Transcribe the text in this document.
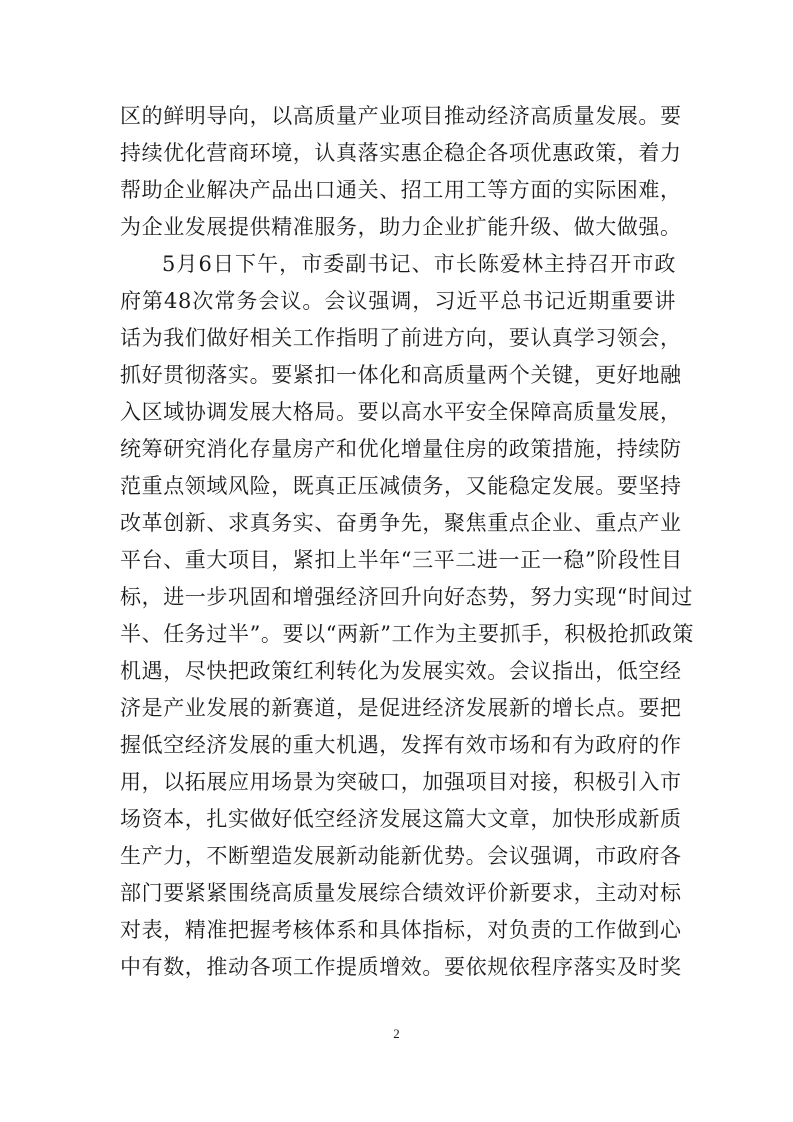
区的鲜明导向，以高质量产业项目推动经济高质量发展。要
持续优化营商环境，认真落实惠企稳企各项优惠政策，着力
帮助企业解决产品出口通关、招工用工等方面的实际困难，
为企业发展提供精准服务，助力企业扩能升级、做大做强。
5月6日下午，市委副书记、市长陈爱林主持召开市政
府第48次常务会议。会议强调，习近平总书记近期重要讲
话为我们做好相关工作指明了前进方向，要认真学习领会，
抓好贯彻落实。要紧扣一体化和高质量两个关键，更好地融
入区域协调发展大格局。要以高水平安全保障高质量发展，
统筹研究消化存量房产和优化增量住房的政策措施，持续防
范重点领域风险，既真正压减债务，又能稳定发展。要坚持
改革创新、求真务实、奋勇争先，聚焦重点企业、重点产业
平台、重大项目，紧扣上半年“三平二进一正一稳”阶段性目
标，进一步巩固和增强经济回升向好态势，努力实现“时间过
半、任务过半”。要以“两新”工作为主要抓手，积极抢抓政策
机遇，尽快把政策红利转化为发展实效。会议指出，低空经
济是产业发展的新赛道，是促进经济发展新的增长点。要把
握低空经济发展的重大机遇，发挥有效市场和有为政府的作
用，以拓展应用场景为突破口，加强项目对接，积极引入市
场资本，扎实做好低空经济发展这篇大文章，加快形成新质
生产力，不断塑造发展新动能新优势。会议强调，市政府各
部门要紧紧围绕高质量发展综合绩效评价新要求，主动对标
对表，精准把握考核体系和具体指标，对负责的工作做到心
中有数，推动各项工作提质增效。要依规依程序落实及时奖
2
